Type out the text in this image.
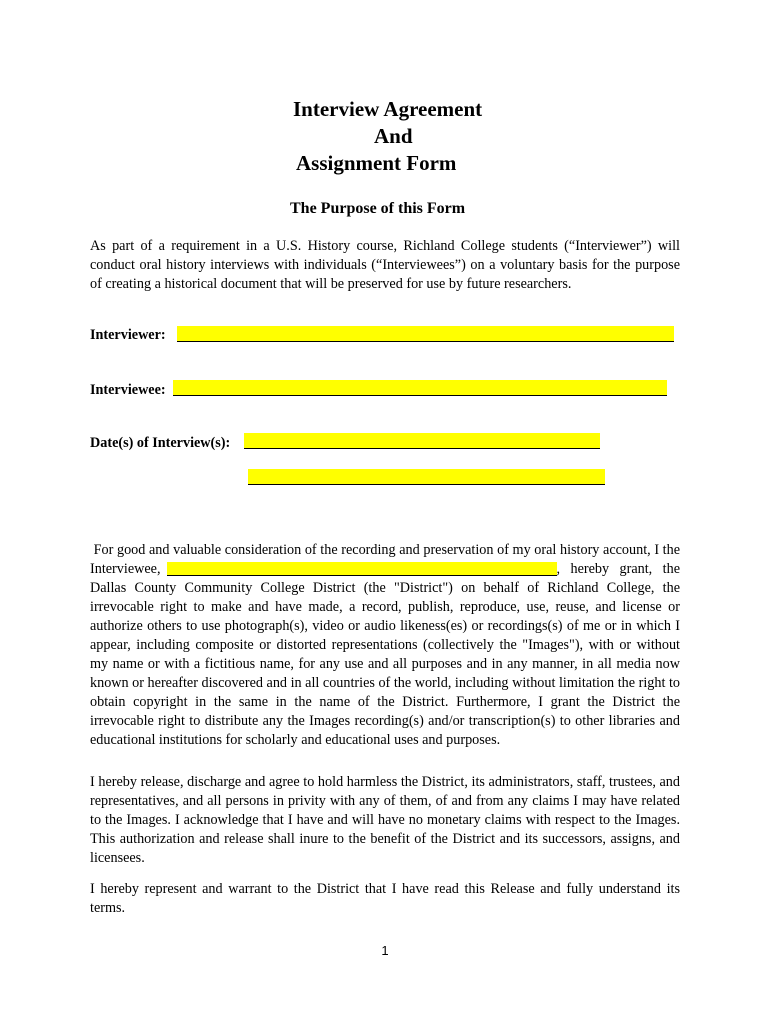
Interview Agreement
And
Assignment Form
The Purpose of this Form
As part of a requirement in a U.S. History course, Richland College students (“Interviewer”) will conduct oral history interviews with individuals (“Interviewees”) on a voluntary basis for the purpose of creating a historical document that will be preserved for use by future researchers.
Interviewer:
Interviewee:
Date(s) of Interview(s):
For good and valuable consideration of the recording and preservation of my oral history account, I the Interviewee,	, hereby grant, the Dallas County Community College District (the "District") on behalf of Richland College, the irrevocable right to make and have made, a record, publish, reproduce, use, reuse, and license or authorize others to use photograph(s), video or audio likeness(es) or recordings(s) of me or in which I appear, including composite or distorted representations (collectively the "Images"), with or without my name or with a fictitious name, for any use and all purposes and in any manner, in all media now known or hereafter discovered and in all countries of the world, including without limitation the right to obtain copyright in the same in the name of the District. Furthermore, I grant the District the irrevocable right to distribute any the Images recording(s) and/or transcription(s) to other libraries and educational institutions for scholarly and educational uses and purposes.
I hereby release, discharge and agree to hold harmless the District, its administrators, staff, trustees, and representatives, and all persons in privity with any of them, of and from any claims I may have related to the Images. I acknowledge that I have and will have no monetary claims with respect to the Images. This authorization and release shall inure to the benefit of the District and its successors, assigns, and licensees.
I hereby represent and warrant to the District that I have read this Release and fully understand its terms.
1
